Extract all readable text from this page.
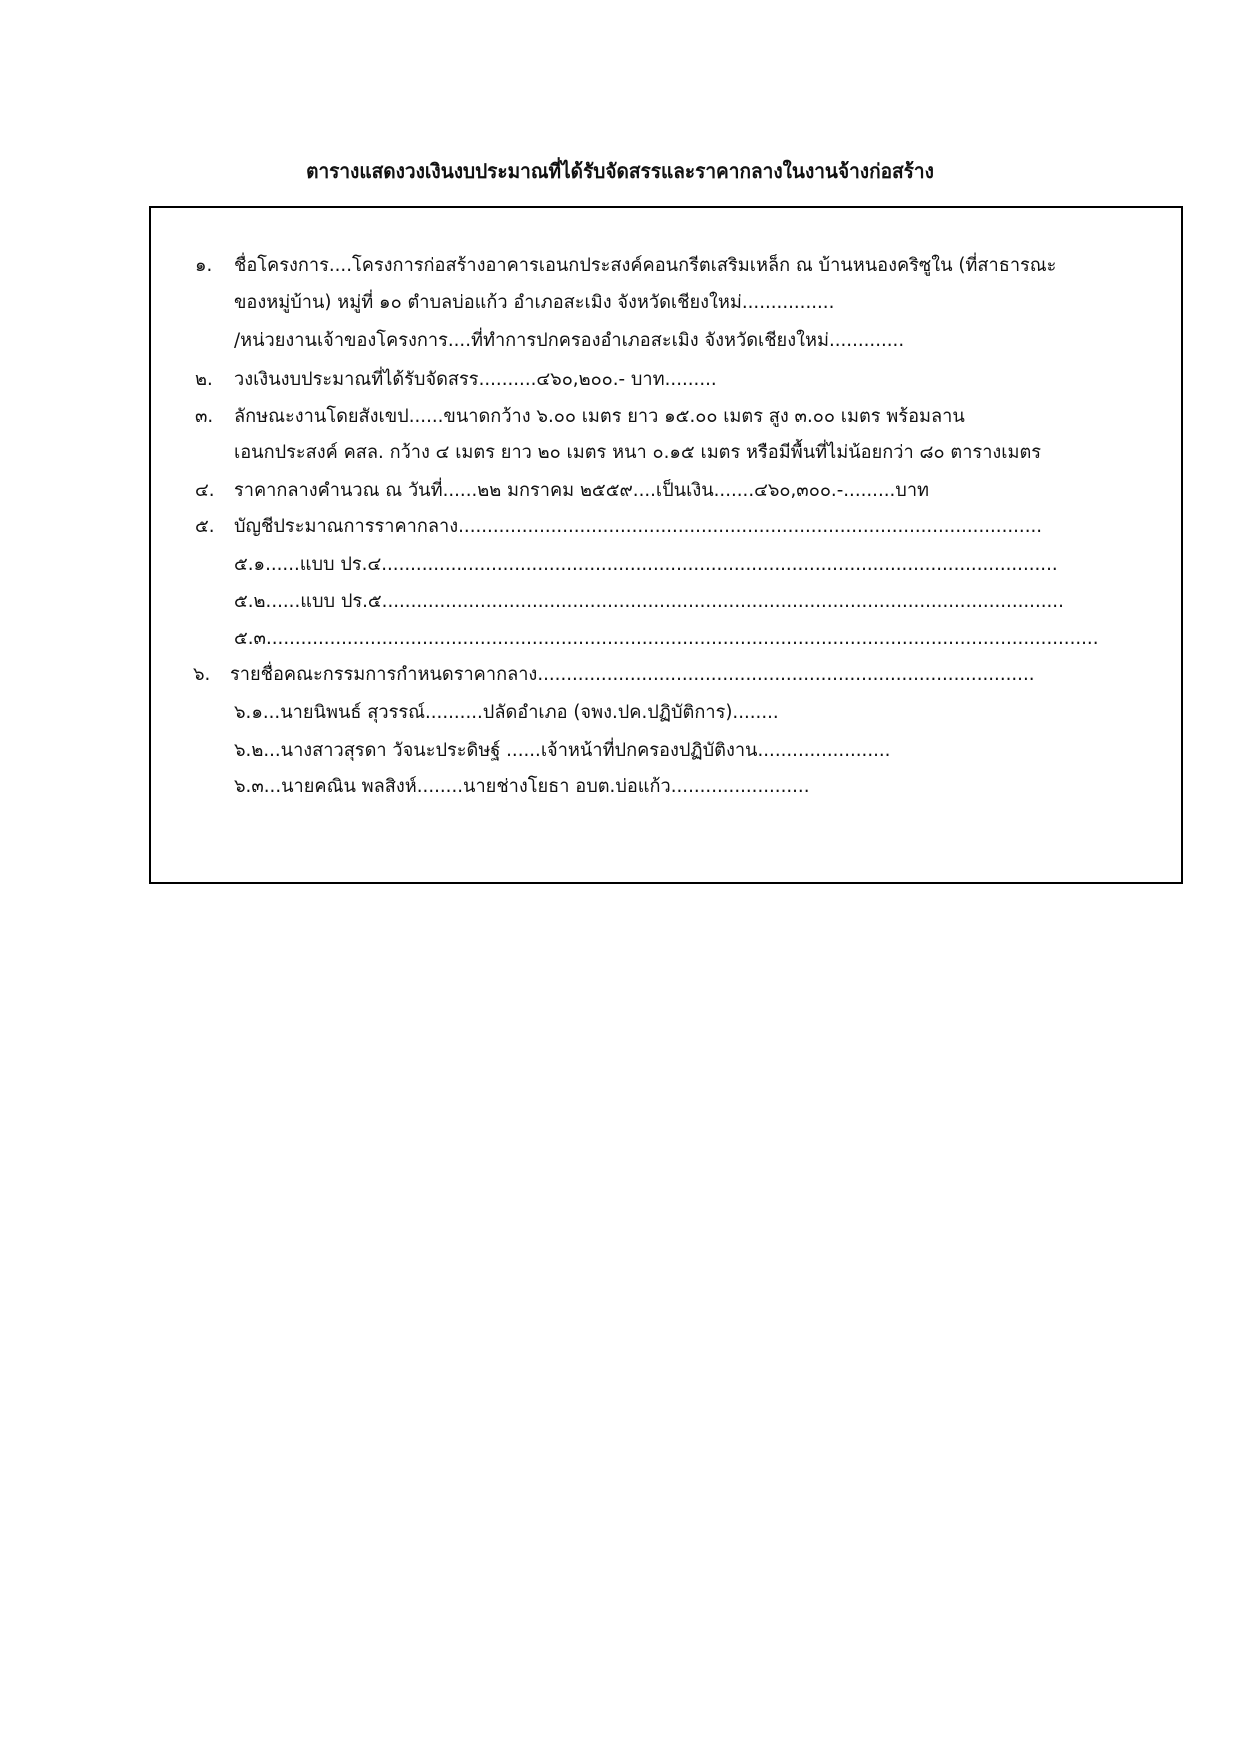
ตารางแสดงวงเงินงบประมาณที่ได้รับจัดสรรและราคากลางในงานจ้างก่อสร้าง
๑. ชื่อโครงการ....โครงการก่อสร้างอาคารเอนกประสงค์คอนกรีตเสริมเหล็ก ณ บ้านหนองคริซูใน (ที่สาธารณะ
ของหมู่บ้าน) หมู่ที่ ๑๐ ตำบลบ่อแก้ว อำเภอสะเมิง จังหวัดเชียงใหม่................
/หน่วยงานเจ้าของโครงการ....ที่ทำการปกครองอำเภอสะเมิง จังหวัดเชียงใหม่.............
๒. วงเงินงบประมาณที่ได้รับจัดสรร..........๔๖๐,๒๐๐.- บาท.........
๓. ลักษณะงานโดยสังเขป......ขนาดกว้าง ๖.๐๐ เมตร ยาว ๑๕.๐๐ เมตร สูง ๓.๐๐ เมตร พร้อมลาน
เอนกประสงค์ คสล. กว้าง ๔ เมตร ยาว ๒๐ เมตร หนา ๐.๑๕ เมตร หรือมีพื้นที่ไม่น้อยกว่า ๘๐ ตารางเมตร
๔. ราคากลางคำนวณ ณ วันที่......๒๒ มกราคม ๒๕๕๙....เป็นเงิน.......๔๖๐,๓๐๐.-.........บาท
๕. บัญชีประมาณการราคากลาง.....................................................................................................
๕.๑......แบบ ปร.๔.....................................................................................................................
๕.๒......แบบ ปร.๕......................................................................................................................
๕.๓................................................................................................................................................
๖. รายชื่อคณะกรรมการกำหนดราคากลาง......................................................................................
๖.๑...นายนิพนธ์ สุวรรณ์..........ปลัดอำเภอ (จพง.ปค.ปฏิบัติการ)........
๖.๒...นางสาวสุรดา วัจนะประดิษฐ์ ......เจ้าหน้าที่ปกครองปฏิบัติงาน.......................
๖.๓...นายคณิน พลสิงห์........นายช่างโยธา อบต.บ่อแก้ว........................
